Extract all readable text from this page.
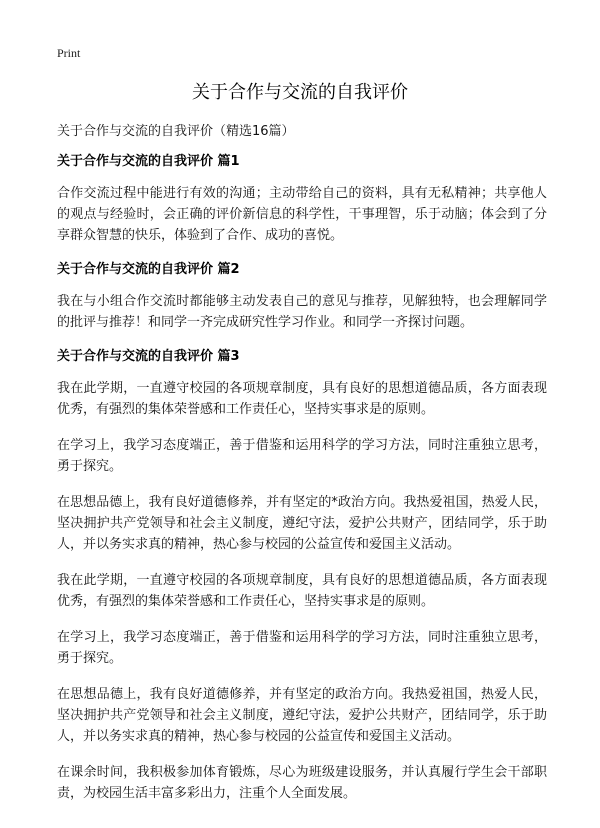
Print
关于合作与交流的自我评价
关于合作与交流的自我评价（精选16篇）
关于合作与交流的自我评价 篇1

合作交流过程中能进行有效的沟通；主动带给自己的资料，具有无私精神；共享他人的观点与经验时，会正确的评价新信息的科学性，干事理智，乐于动脑；体会到了分享群众智慧的快乐，体验到了合作、成功的喜悦。

关于合作与交流的自我评价 篇2

我在与小组合作交流时都能够主动发表自己的意见与推荐，见解独特，也会理解同学的批评与推荐！和同学一齐完成研究性学习作业。和同学一齐探讨问题。

关于合作与交流的自我评价 篇3

我在此学期，一直遵守校园的各项规章制度，具有良好的思想道德品质，各方面表现优秀，有强烈的集体荣誉感和工作责任心，坚持实事求是的原则。

在学习上，我学习态度端正，善于借鉴和运用科学的学习方法，同时注重独立思考，勇于探究。

在思想品德上，我有良好道德修养，并有坚定的*政治方向。我热爱祖国，热爱人民，坚决拥护共产党领导和社会主义制度，遵纪守法，爱护公共财产，团结同学，乐于助人，并以务实求真的精神，热心参与校园的公益宣传和爱国主义活动。

我在此学期，一直遵守校园的各项规章制度，具有良好的思想道德品质，各方面表现优秀，有强烈的集体荣誉感和工作责任心，坚持实事求是的原则。

在学习上，我学习态度端正，善于借鉴和运用科学的学习方法，同时注重独立思考，勇于探究。

在思想品德上，我有良好道德修养，并有坚定的政治方向。我热爱祖国，热爱人民，坚决拥护共产党领导和社会主义制度，遵纪守法，爱护公共财产，团结同学，乐于助人，并以务实求真的精神，热心参与校园的公益宣传和爱国主义活动。

在课余时间，我积极参加体育锻炼，尽心为班级建设服务，并认真履行学生会干部职责，为校园生活丰富多彩出力，注重个人全面发展。
